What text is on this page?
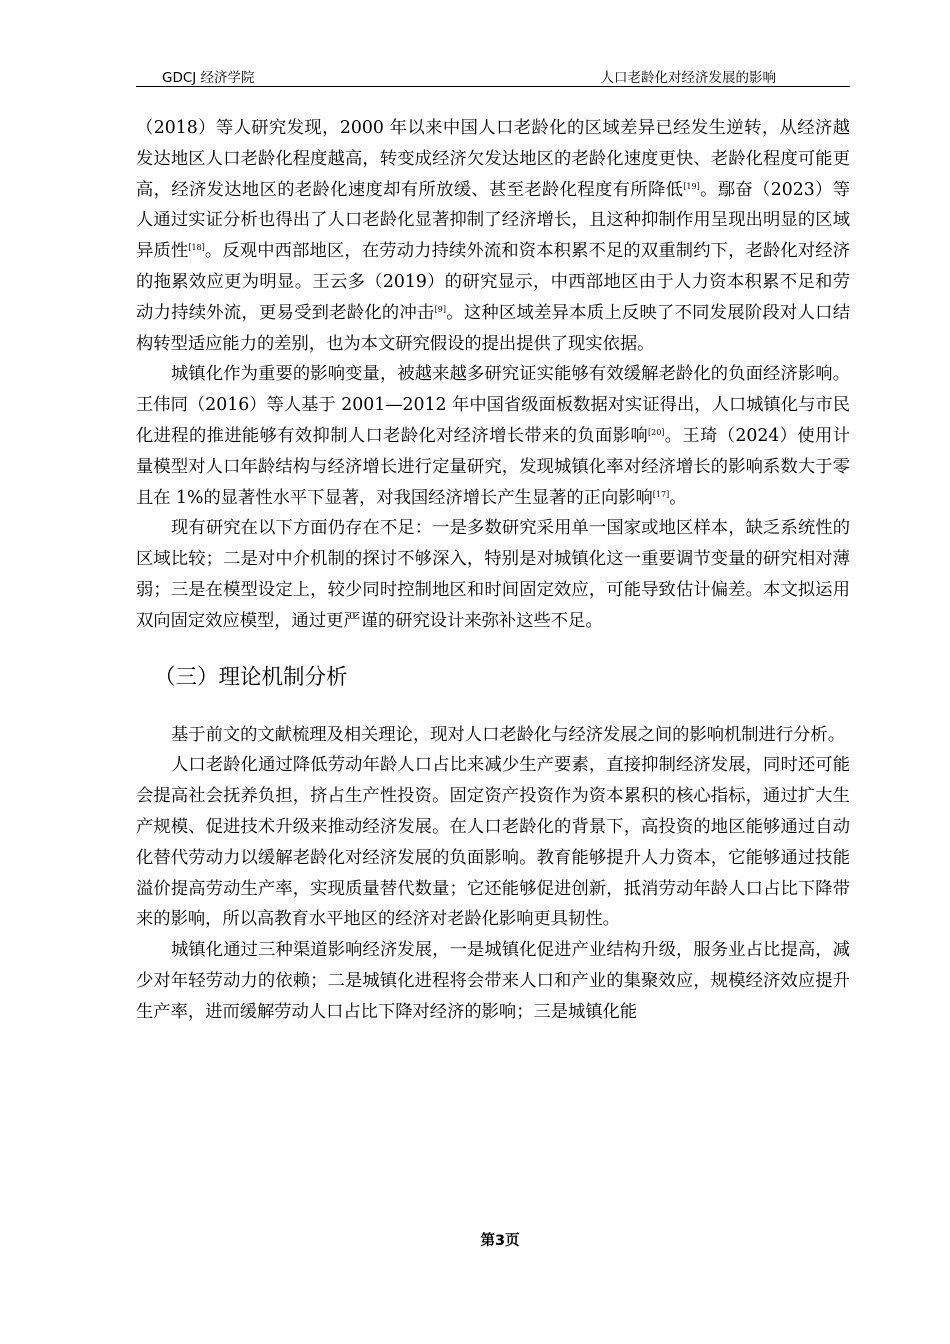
GDCJ 经济学院	人口老龄化对经济发展的影响

（2018）等人研究发现，2000 年以来中国人口老龄化的区域差异已经发生逆转，从经济越发达地区人口老龄化程度越高，转变成经济欠发达地区的老龄化速度更快、老龄化程度可能更高，经济发达地区的老龄化速度却有所放缓、甚至老龄化程度有所降低[19]。鄢奋（2023）等人通过实证分析也得出了人口老龄化显著抑制了经济增长，且这种抑制作用呈现出明显的区域异质性[18]。反观中西部地区，在劳动力持续外流和资本积累不足的双重制约下，老龄化对经济的拖累效应更为明显。王云多（2019）的研究显示，中西部地区由于人力资本积累不足和劳动力持续外流，更易受到老龄化的冲击[9]。这种区域差异本质上反映了不同发展阶段对人口结构转型适应能力的差别，也为本文研究假设的提出提供了现实依据。

城镇化作为重要的影响变量，被越来越多研究证实能够有效缓解老龄化的负面经济影响。王伟同（2016）等人基于 2001—2012 年中国省级面板数据对实证得出，人口城镇化与市民化进程的推进能够有效抑制人口老龄化对经济增长带来的负面影响[20]。王琦（2024）使用计量模型对人口年龄结构与经济增长进行定量研究，发现城镇化率对经济增长的影响系数大于零且在 1%的显著性水平下显著，对我国经济增长产生显著的正向影响[17]。

现有研究在以下方面仍存在不足：一是多数研究采用单一国家或地区样本，缺乏系统性的区域比较；二是对中介机制的探讨不够深入，特别是对城镇化这一重要调节变量的研究相对薄弱；三是在模型设定上，较少同时控制地区和时间固定效应，可能导致估计偏差。本文拟运用双向固定效应模型，通过更严谨的研究设计来弥补这些不足。

（三）理论机制分析

基于前文的文献梳理及相关理论，现对人口老龄化与经济发展之间的影响机制进行分析。

人口老龄化通过降低劳动年龄人口占比来减少生产要素，直接抑制经济发展，同时还可能会提高社会抚养负担，挤占生产性投资。固定资产投资作为资本累积的核心指标，通过扩大生产规模、促进技术升级来推动经济发展。在人口老龄化的背景下，高投资的地区能够通过自动化替代劳动力以缓解老龄化对经济发展的负面影响。教育能够提升人力资本，它能够通过技能溢价提高劳动生产率，实现质量替代数量；它还能够促进创新，抵消劳动年龄人口占比下降带来的影响，所以高教育水平地区的经济对老龄化影响更具韧性。

城镇化通过三种渠道影响经济发展，一是城镇化促进产业结构升级，服务业占比提高，减少对年轻劳动力的依赖；二是城镇化进程将会带来人口和产业的集聚效应，规模经济效应提升生产率，进而缓解劳动人口占比下降对经济的影响；三是城镇化能

第3页
